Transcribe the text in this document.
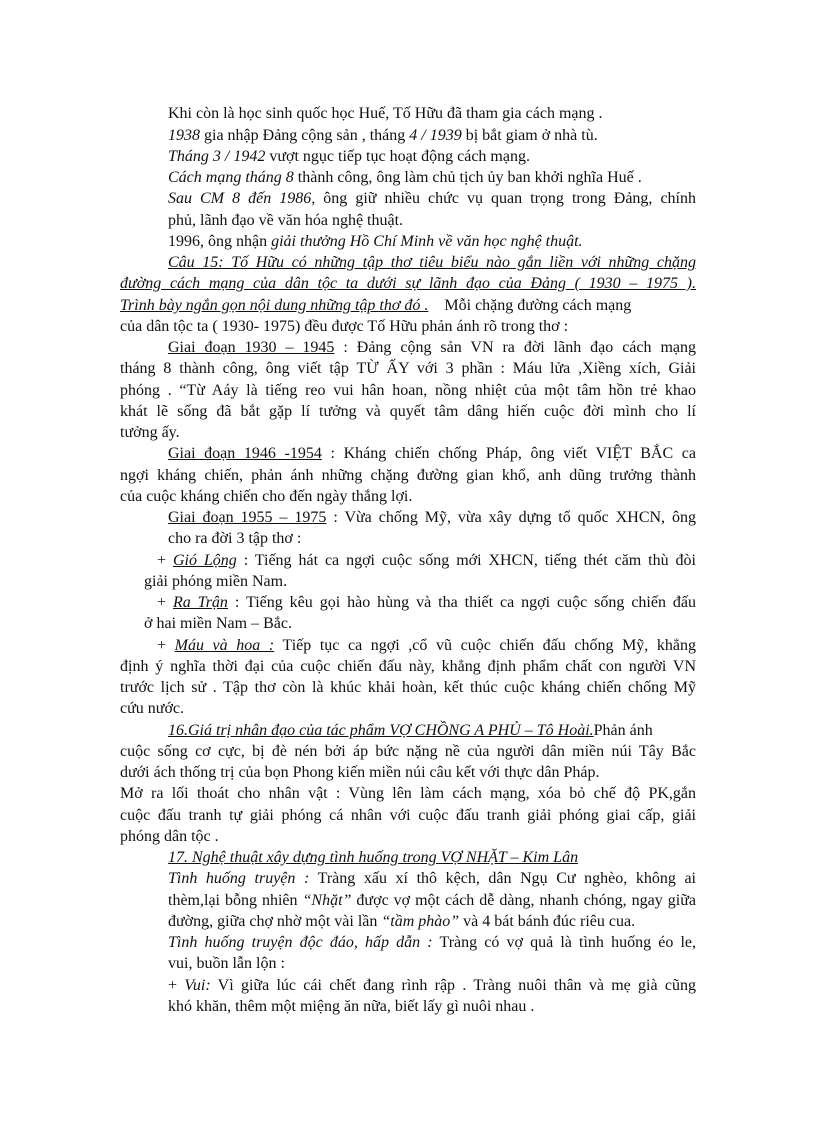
Khi còn là học sinh quốc học Huế, Tố Hữu đã tham gia cách mạng .
1938 gia nhập Đảng cộng sản , tháng 4 / 1939 bị bắt giam ở nhà tù.
Tháng 3 / 1942 vượt ngục tiếp tục hoạt động cách mạng.
Cách mạng tháng 8 thành công, ông làm chủ tịch ủy ban khởi nghĩa Huế .
Sau CM 8 đến 1986, ông giữ nhiều chức vụ quan trọng trong Đảng, chính
phủ, lãnh đạo về văn hóa nghệ thuật.
1996, ông nhận giải thưởng Hồ Chí Minh về văn học nghệ thuật.
Câu 15: Tố Hữu có những tập thơ tiêu biểu nào gắn liền với những chặng
đường cách mạng của dân tộc ta dưới sự lãnh đạo của Đảng ( 1930 – 1975 ).
Trình bày ngắn gọn nội dung những tập thơ đó .    Mỗi chặng đường cách mạng
của dân tộc ta ( 1930- 1975) đều được Tố Hữu phản ánh rõ trong thơ :
Giai đoạn 1930 – 1945 : Đảng cộng sản VN ra đời lãnh đạo cách mạng
tháng 8 thành công, ông viết tập TỪ ẤY với 3 phần : Máu lửa ,Xiềng xích, Giải
phóng . “Từ Aáy là tiếng reo vui hân hoan, nồng nhiệt của một tâm hồn trẻ khao
khát lẽ sống đã bắt gặp lí tưởng và quyết tâm dâng hiến cuộc đời mình cho lí
tưởng ấy.
Giai đoạn 1946 -1954 : Kháng chiến chống Pháp, ông viết VIỆT BẮC ca
ngợi kháng chiến, phản ánh những chặng đường gian khổ, anh dũng trưởng thành
của cuộc kháng chiến cho đến ngày thắng lợi.
Giai đoạn 1955 – 1975 : Vừa chống Mỹ, vừa xây dựng tổ quốc XHCN, ông
cho ra đời 3 tập thơ :
+ Gió Lộng : Tiếng hát ca ngợi cuộc sống mới XHCN, tiếng thét căm thù đòi
giải phóng miền Nam.
+ Ra Trận : Tiếng kêu gọi hào hùng và tha thiết ca ngợi cuộc sống chiến đấu
ở hai miền Nam – Bắc.
+ Máu và hoa : Tiếp tục ca ngợi ,cổ vũ cuộc chiến đấu chống Mỹ, khẳng
định ý nghĩa thời đại của cuộc chiến đấu này, khẳng định phẩm chất con người VN
trước lịch sử . Tập thơ còn là khúc khải hoàn, kết thúc cuộc kháng chiến chống Mỹ
cứu nước.
16.Giá trị nhân đạo của tác phẩm VỢ CHỒNG A PHỦ – Tô Hoài.Phản ánh
cuộc sống cơ cực, bị đè nén bởi áp bức nặng nề của người dân miền núi Tây Bắc
dưới ách thống trị của bọn Phong kiến miền núi câu kết với thực dân Pháp.
Mở ra lối thoát cho nhân vật : Vùng lên làm cách mạng, xóa bỏ chế độ PK,gắn
cuộc đấu tranh tự giải phóng cá nhân với cuộc đấu tranh giải phóng giai cấp, giải
phóng dân tộc .
17. Nghệ thuật xây dựng tình huống trong VỢ NHẶT – Kim Lân
Tình huống truyện : Tràng xấu xí thô kệch, dân Ngụ Cư nghèo, không ai
thèm,lại bỗng nhiên “Nhặt” được vợ một cách dễ dàng, nhanh chóng, ngay giữa
đường, giữa chợ nhờ một vài lần “tầm phào” và 4 bát bánh đúc riêu cua.
Tình huống truyện độc đáo, hấp dẫn : Tràng có vợ quả là tình huống éo le,
vui, buồn lẫn lộn :
+ Vui: Vì giữa lúc cái chết đang rình rập . Tràng nuôi thân và mẹ già cũng
khó khăn, thêm một miệng ăn nữa, biết lấy gì nuôi nhau .
